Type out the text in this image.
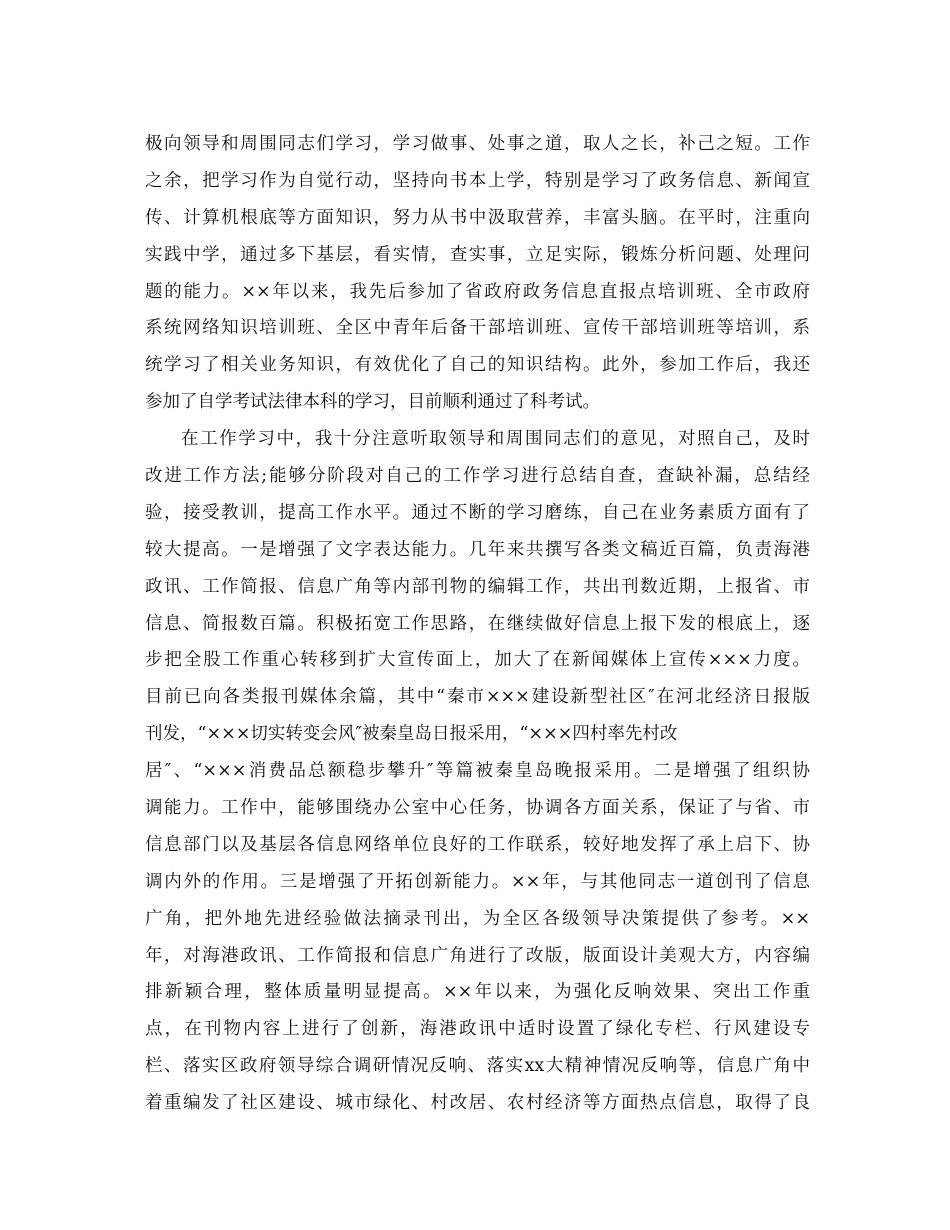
极向领导和周围同志们学习，学习做事、处事之道，取人之长，补己之短。工作
之余，把学习作为自觉行动，坚持向书本上学，特别是学习了政务信息、新闻宣
传、计算机根底等方面知识，努力从书中汲取营养，丰富头脑。在平时，注重向
实践中学，通过多下基层，看实情，查实事，立足实际，锻炼分析问题、处理问
题的能力。××年以来，我先后参加了省政府政务信息直报点培训班、全市政府
系统网络知识培训班、全区中青年后备干部培训班、宣传干部培训班等培训，系
统学习了相关业务知识，有效优化了自己的知识结构。此外，参加工作后，我还
参加了自学考试法律本科的学习，目前顺利通过了科考试。
在工作学习中，我十分注意听取领导和周围同志们的意见，对照自己，及时
改进工作方法;能够分阶段对自己的工作学习进行总结自查，查缺补漏，总结经
验，接受教训，提高工作水平。通过不断的学习磨练，自己在业务素质方面有了
较大提高。一是增强了文字表达能力。几年来共撰写各类文稿近百篇，负责海港
政讯、工作简报、信息广角等内部刊物的编辑工作，共出刊数近期，上报省、市
信息、简报数百篇。积极拓宽工作思路，在继续做好信息上报下发的根底上，逐
步把全股工作重心转移到扩大宣传面上，加大了在新闻媒体上宣传×××力度。
目前已向各类报刊媒体余篇，其中“秦市×××建设新型社区″在河北经济日报版
刊发，“×××切实转变会风″被秦皇岛日报采用，“×××四村率先村改
居″、“×××消费品总额稳步攀升″等篇被秦皇岛晚报采用。二是增强了组织协
调能力。工作中，能够围绕办公室中心任务，协调各方面关系，保证了与省、市
信息部门以及基层各信息网络单位良好的工作联系，较好地发挥了承上启下、协
调内外的作用。三是增强了开拓创新能力。××年，与其他同志一道创刊了信息
广角，把外地先进经验做法摘录刊出，为全区各级领导决策提供了参考。××
年，对海港政讯、工作简报和信息广角进行了改版，版面设计美观大方，内容编
排新颖合理，整体质量明显提高。××年以来，为强化反响效果、突出工作重
点，在刊物内容上进行了创新，海港政讯中适时设置了绿化专栏、行风建设专
栏、落实区政府领导综合调研情况反响、落实xx大精神情况反响等，信息广角中
着重编发了社区建设、城市绿化、村改居、农村经济等方面热点信息，取得了良
